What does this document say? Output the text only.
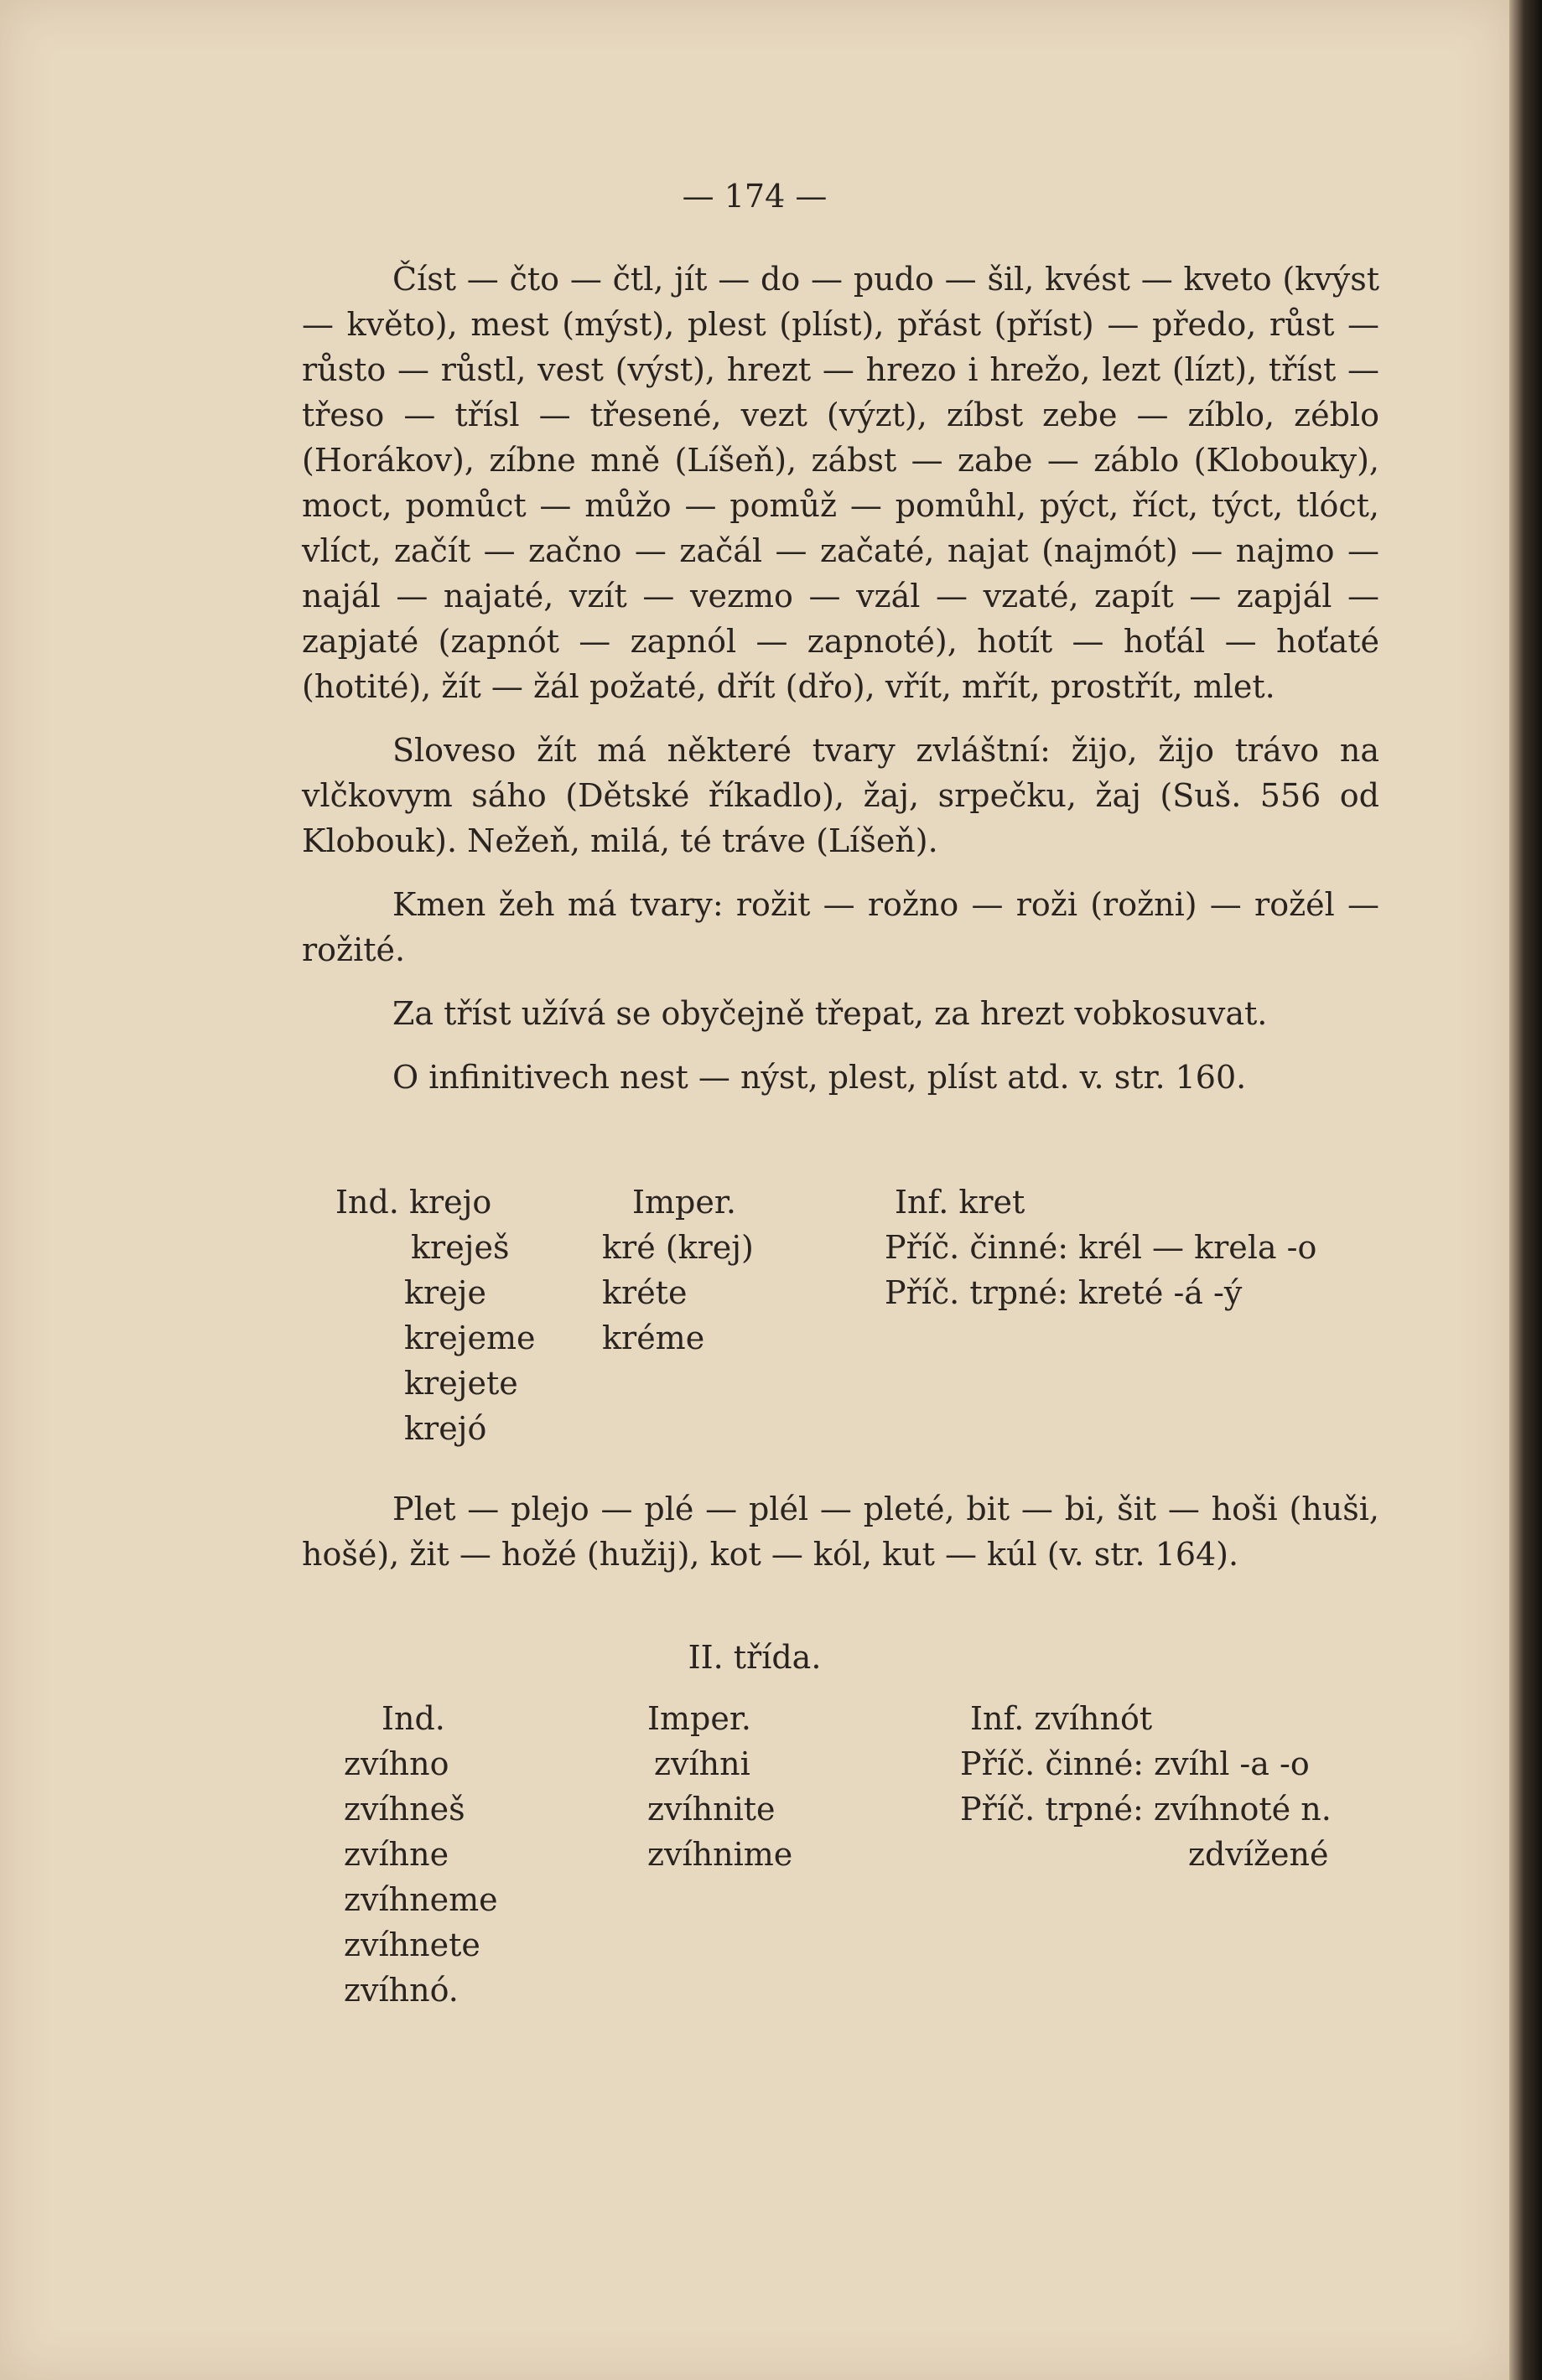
— 174 —

Číst — čto — čtl, jít — do — pudo — šil, kvést — kveto (kvýst — květo), mest (mýst), plest (plíst), přást (příst) — předo, růst — růsto — růstl, vest (výst), hrezt — hrezo i hrežo, lezt (lízt), tříst — třeso — třísl — třesené, vezt (výzt), zíbst zebe — zíblo, zéblo (Horákov), zíbne mně (Líšeň), zábst — zabe — záblo (Klobouky), moct, pomůct — můžo — pomůž — pomůhl, pýct, říct, týct, tlóct, vlíct, začít — začno — začál — začaté, najat (najmót) — najmo — najál — najaté, vzít — vezmo — vzál — vzaté, zapít — zapjál — zapjaté (zapnót — zapnól — zapnoté), hotít — hoťál — hoťaté (hotité), žít — žál požaté, dřít (dřo), vřít, mřít, prostřít, mlet.

Sloveso žít má některé tvary zvláštní: žijo, žijo trávo na vlčkovym sáho (Dětské říkadlo), žaj, srpečku, žaj (Suš. 556 od Klobouk). Nežeň, milá, té tráve (Líšeň).

Kmen žeh má tvary: rožit — rožno — roži (rožni) — rožél — rožité.

Za tříst užívá se obyčejně třepat, za hrezt vobkosuvat.

O infinitivech nest — nýst, plest, plíst atd. v. str. 160.

Ind. krejo
kreješ
kreje
krejeme
krejete
krejó
Imper.
kré (krej)
kréte
kréme
Inf. kret
Příč. činné: krél — krela -o
Příč. trpné: kreté -á -ý

Plet — plejo — plé — plél — pleté, bit — bi, šit — hoši (huši, hošé), žit — hožé (hužij), kot — kól, kut — kúl (v. str. 164).

II. třída.

Ind.
zvíhno
zvíhneš
zvíhne
zvíhneme
zvíhnete
zvíhnó.
Imper.
zvíhni
zvíhnite
zvíhnime
Inf. zvíhnót
Příč. činné: zvíhl -a -o
Příč. trpné: zvíhnoté n.
zdvížené
